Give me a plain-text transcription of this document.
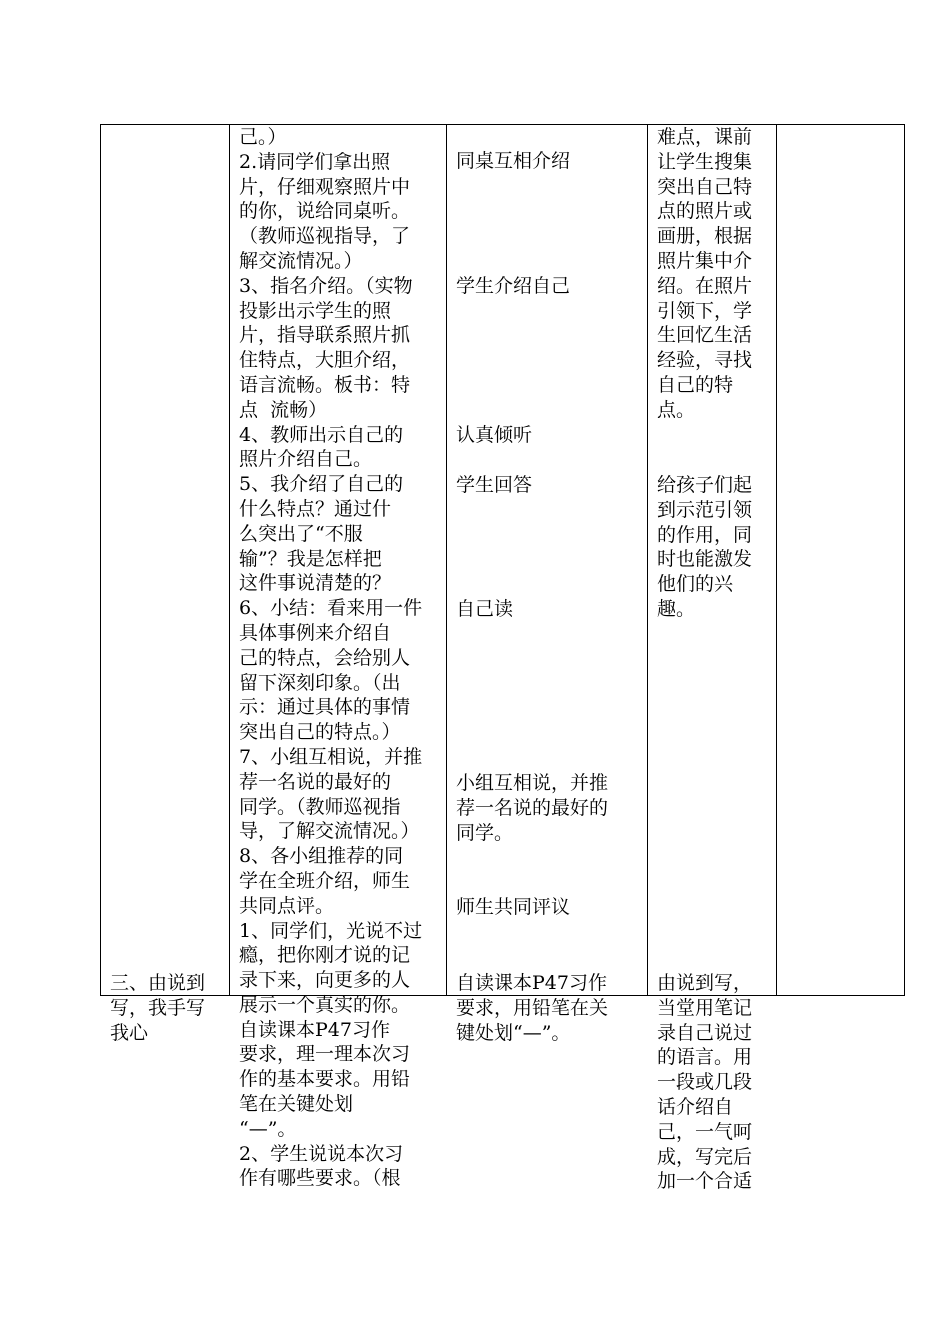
三、由说到
写，我手写
我心
己。）
2.请同学们拿出照
片，仔细观察照片中
的你，说给同桌听。
（教师巡视指导，了
解交流情况。）
3、指名介绍。（实物
投影出示学生的照
片，指导联系照片抓
住特点，大胆介绍，
语言流畅。板书：特
点  流畅）
4、教师出示自己的
照片介绍自己。
5、我介绍了自己的
什么特点？通过什
么突出了“不服
输”？我是怎样把
这件事说清楚的？
6、小结：看来用一件
具体事例来介绍自
己的特点，会给别人
留下深刻印象。（出
示：通过具体的事情
突出自己的特点。）
7、小组互相说，并推
荐一名说的最好的
同学。（教师巡视指
导，了解交流情况。）
8、各小组推荐的同
学在全班介绍，师生
共同点评。
1、同学们，光说不过
瘾，把你刚才说的记
录下来，向更多的人
展示一个真实的你。
自读课本P47习作
要求，理一理本次习
作的基本要求。用铅
笔在关键处划
“—”。
2、学生说说本次习
作有哪些要求。（根
同桌互相介绍
学生介绍自己
认真倾听
学生回答
自己读
小组互相说，并推
荐一名说的最好的
同学。
师生共同评议
自读课本P47习作
要求，用铅笔在关
键处划“—”。
难点，课前
让学生搜集
突出自己特
点的照片或
画册，根据
照片集中介
绍。在照片
引领下，学
生回忆生活
经验，寻找
自己的特
点。
给孩子们起
到示范引领
的作用，同
时也能激发
他们的兴
趣。
由说到写，
当堂用笔记
录自己说过
的语言。用
一段或几段
话介绍自
己，一气呵
成，写完后
加一个合适
